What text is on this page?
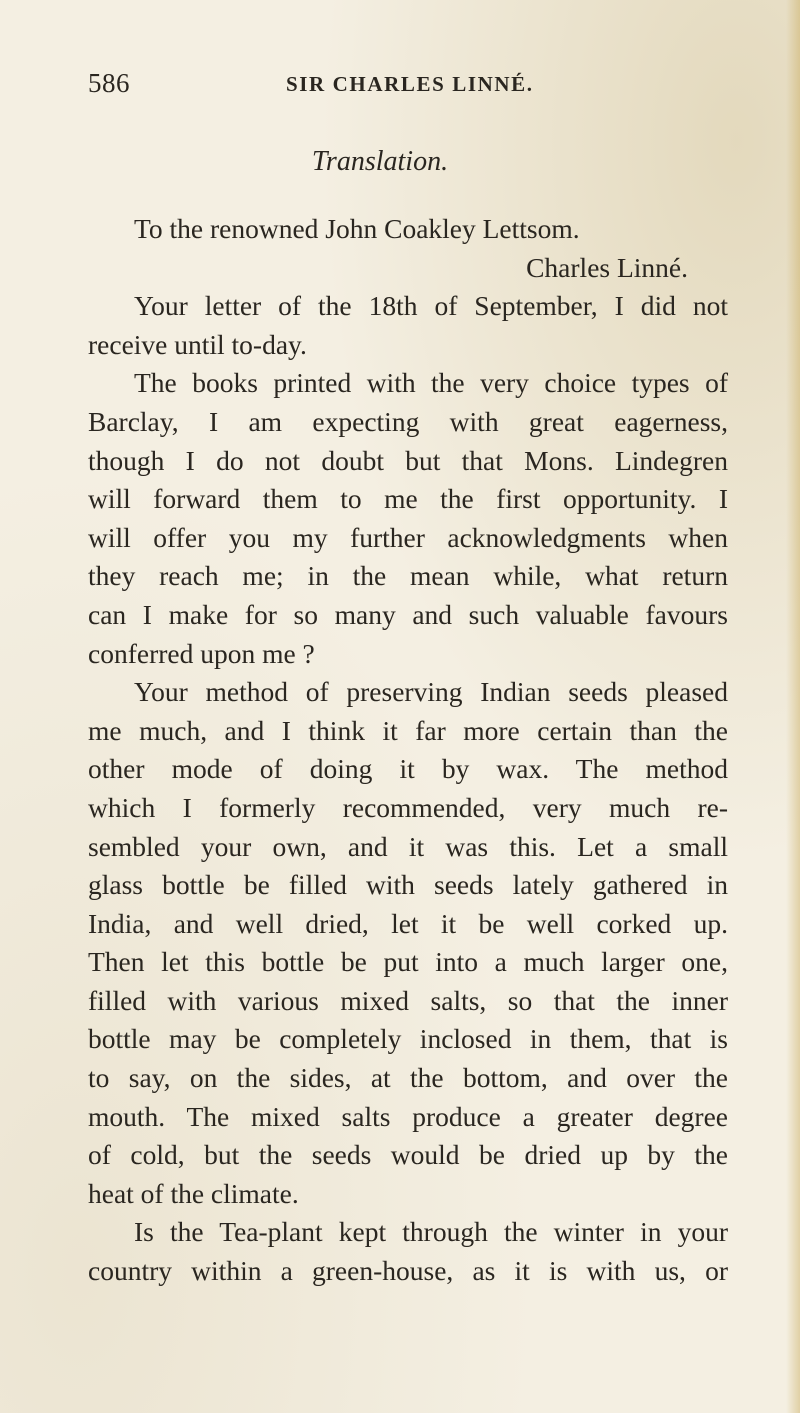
586	SIR CHARLES LINNÉ.
Translation.
To the renowned John Coakley Lettsom.
Charles Linné.
Your letter of the 18th of September, I did not
receive until to-day.
The books printed with the very choice types of
Barclay, I am expecting with great eagerness,
though I do not doubt but that Mons. Lindegren
will forward them to me the first opportunity. I
will offer you my further acknowledgments when
they reach me; in the mean while, what return
can I make for so many and such valuable favours
conferred upon me ?
Your method of preserving Indian seeds pleased
me much, and I think it far more certain than the
other mode of doing it by wax. The method
which I formerly recommended, very much re-
sembled your own, and it was this. Let a small
glass bottle be filled with seeds lately gathered in
India, and well dried, let it be well corked up.
Then let this bottle be put into a much larger one,
filled with various mixed salts, so that the inner
bottle may be completely inclosed in them, that is
to say, on the sides, at the bottom, and over the
mouth. The mixed salts produce a greater degree
of cold, but the seeds would be dried up by the
heat of the climate.
Is the Tea-plant kept through the winter in your
country within a green-house, as it is with us, or
